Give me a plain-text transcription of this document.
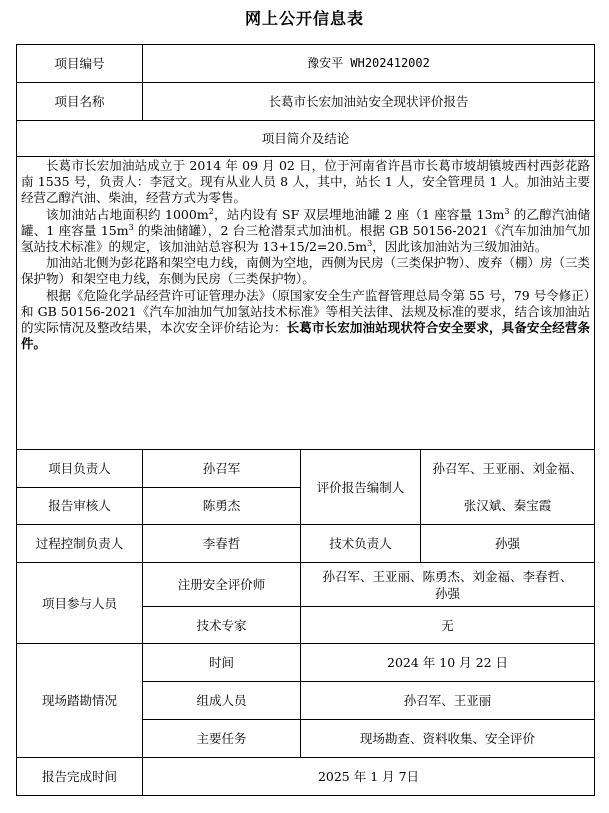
网上公开信息表
项目编号	豫安平 WH202412002		
项目名称	长葛市长宏加油站安全现状评价报告		
项目简介及结论			

长葛市长宏加油站成立于 2014 年 09 月 02 日，位于河南省许昌市长葛市坡胡镇坡西村西彭花路南 1535 号，负责人：李冠文。现有从业人员 8 人，其中，站长 1 人，安全管理员 1 人。加油站主要经营乙醇汽油、柴油，经营方式为零售。

该加油站占地面积约 $1000m^2$，站内设有 SF 双层埋地油罐 2 座（1 座容量 $13m^3$ 的乙醇汽油储罐、1 座容量 $15m^3$ 的柴油储罐），2 台三枪潜泵式加油机。根据 GB 50156-2021《汽车加油加气加氢站技术标准》的规定，该加油站总容积为 $13+15/2=20.5m^3$，因此该加油站为三级加油站。

加油站北侧为彭花路和架空电力线，南侧为空地，西侧为民房（三类保护物）、废弃（棚）房（三类保护物）和架空电力线，东侧为民房（三类保护物）。

根据《危险化学品经营许可证管理办法》（原国家安全生产监督管理总局令第 55 号，79 号令修正）和 GB 50156-2021《汽车加油加气加氢站技术标准》等相关法律、法规及标准的要求，结合该加油站的实际情况及整改结果，本次安全评价结论为：长葛市长宏加油站现状符合安全要求，具备安全经营条件。			

项目负责人	孙召军	评价报告编制人	孙召军、王亚丽、刘金福、
张汉斌、秦宝霞

报告审核人	陈勇杰		
过程控制负责人	李春哲	技术负责人	孙强
项目参与人员	注册安全评价师	孙召军、王亚丽、陈勇杰、刘金福、李春哲、
孙强	

	技术专家	无	
现场踏勘情况	时间	2024 年 10 月 22 日	
	组成人员	孙召军、王亚丽	
	主要任务	现场勘查、资料收集、安全评价	
报告完成时间	2025 年 1 月 7日		
